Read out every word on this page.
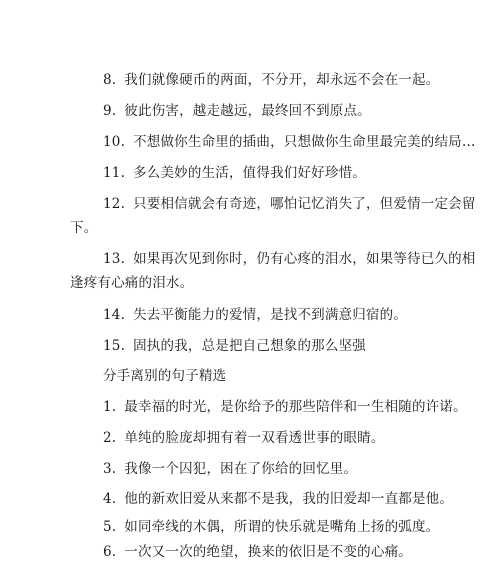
8. 我们就像硬币的两面，不分开，却永远不会在一起。
9. 彼此伤害，越走越远，最终回不到原点。
10. 不想做你生命里的插曲，只想做你生命里最完美的结局…
11. 多么美妙的生活，值得我们好好珍惜。
12. 只要相信就会有奇迹，哪怕记忆消失了，但爱情一定会留
下。
13. 如果再次见到你时，仍有心疼的泪水，如果等待已久的相
逢疼有心痛的泪水。
14. 失去平衡能力的爱情，是找不到满意归宿的。
15. 固执的我，总是把自己想象的那么坚强
分手离别的句子精选
1. 最幸福的时光，是你给予的那些陪伴和一生相随的许诺。
2. 单纯的脸庞却拥有着一双看透世事的眼睛。
3. 我像一个囚犯，困在了你给的回忆里。
4. 他的新欢旧爱从来都不是我，我的旧爱却一直都是他。
5. 如同牵线的木偶，所谓的快乐就是嘴角上扬的弧度。
6. 一次又一次的绝望，换来的依旧是不变的心痛。
